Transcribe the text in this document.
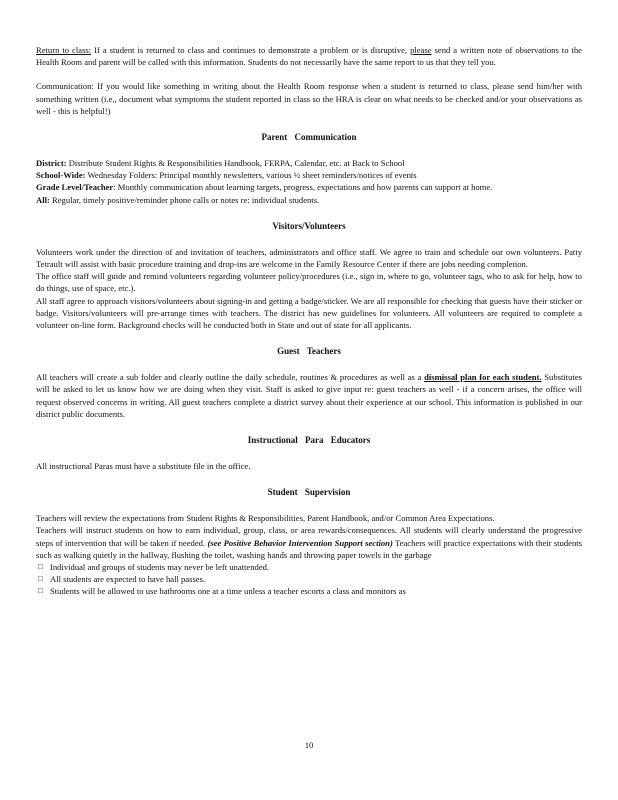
Return to class: If a student is returned to class and continues to demonstrate a problem or is disruptive, please send a written note of observations to the Health Room and parent will be called with this information. Students do not necessarily have the same report to us that they tell you.

Communication: If you would like something in writing about the Health Room response when a student is returned to class, please send him/her with something written (i.e., document what symptoms the student reported in class so the HRA is clear on what needs to be checked and/or your observations as well - this is helpful!)

Parent Communication

District: Distribute Student Rights & Responsibilities Handbook, FERPA, Calendar, etc. at Back to School

School-Wide: Wednesday Folders: Principal monthly newsletters, various ½ sheet reminders/notices of events

Grade Level/Teacher: Monthly communication about learning targets, progress, expectations and how parents can support at home.

All: Regular, timely positive/reminder phone calls or notes re: individual students.

Visitors/Volunteers

Volunteers work under the direction of and invitation of teachers, administrators and office staff. We agree to train and schedule our own volunteers. Patty Tetrault will assist with basic procedure training and drop-ins are welcome in the Family Resource Center if there are jobs needing completion.

The office staff will guide and remind volunteers regarding volunteer policy/procedures (i.e., sign in, where to go, volunteer tags, who to ask for help, how to do things, use of space, etc.).

All staff agree to approach visitors/volunteers about signing-in and getting a badge/sticker. We are all responsible for checking that guests have their sticker or badge. Visitors/volunteers will pre-arrange times with teachers. The district has new guidelines for volunteers. All volunteers are required to complete a volunteer on-line form. Background checks will be conducted both in State and out of state for all applicants.

Guest Teachers

All teachers will create a sub folder and clearly outline the daily schedule, routines & procedures as well as a dismissal plan for each student. Substitutes will be asked to let us know how we are doing when they visit. Staff is asked to give input re: guest teachers as well - if a concern arises, the office will request observed concerns in writing. All guest teachers complete a district survey about their experience at our school. This information is published in our district public documents.

Instructional Para Educators

All instructional Paras must have a substitute file in the office.

Student Supervision

Teachers will review the expectations from Student Rights & Responsibilities, Parent Handbook, and/or Common Area Expectations.

Teachers will instruct students on how to earn individual, group, class, or area rewards/consequences. All students will clearly understand the progressive steps of intervention that will be taken if needed. (see Positive Behavior Intervention Support section) Teachers will practice expectations with their students such as walking quietly in the hallway, flushing the toilet, washing hands and throwing paper towels in the garbage

□ Individual and groups of students may never be left unattended.
□ All students are expected to have hall passes.
□ Students will be allowed to use bathrooms one at a time unless a teacher escorts a class and monitors as
10
